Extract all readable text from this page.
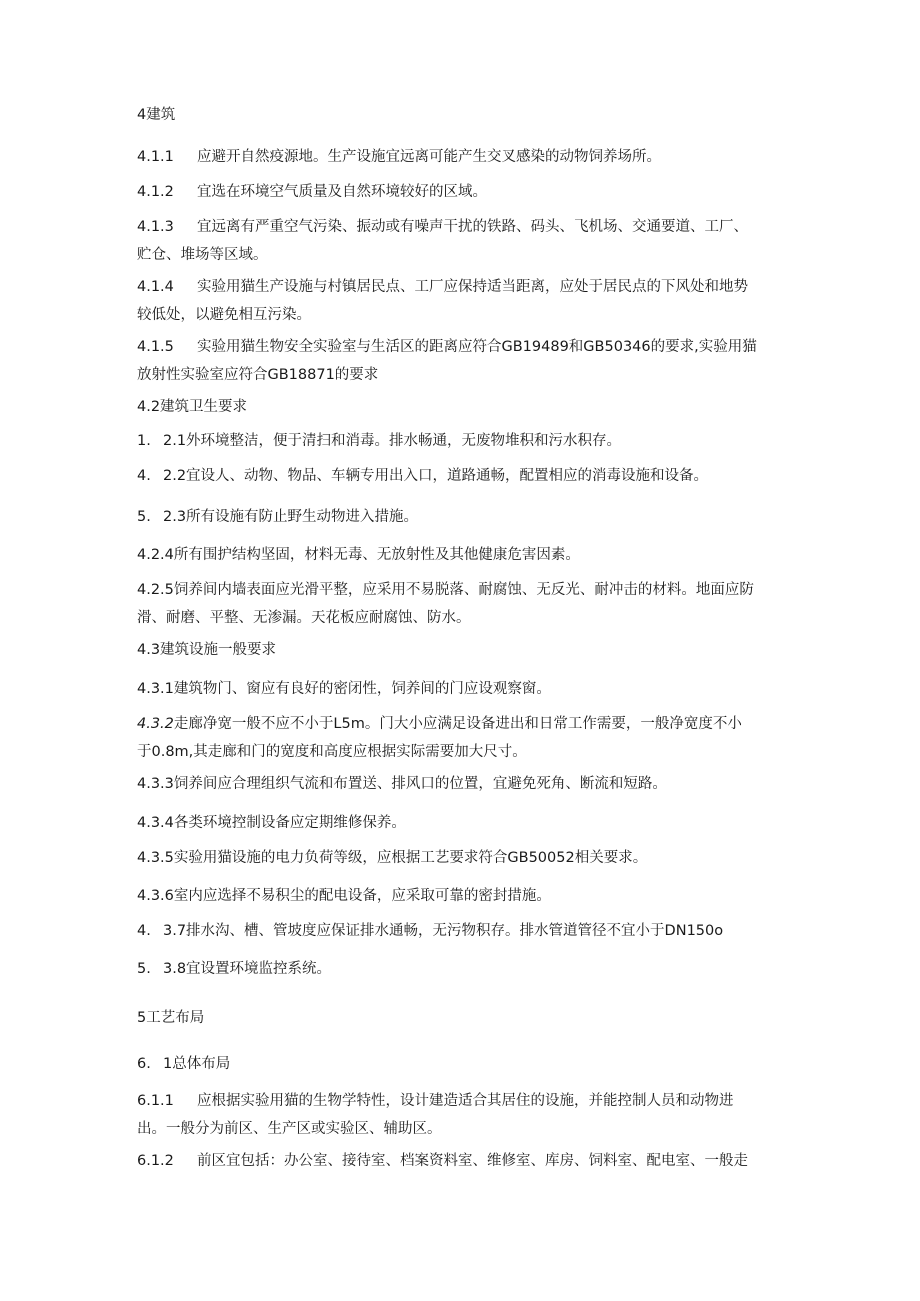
4建筑
4.1.1 应避开自然疫源地。生产设施宜远离可能产生交叉感染的动物饲养场所。
4.1.2 宜选在环境空气质量及自然环境较好的区域。
4.1.3 宜远离有严重空气污染、振动或有噪声干扰的铁路、码头、飞机场、交通要道、工厂、
贮仓、堆场等区域。
4.1.4 实验用猫生产设施与村镇居民点、工厂应保持适当距离，应处于居民点的下风处和地势
较低处，以避免相互污染。
4.1.5 实验用猫生物安全实验室与生活区的距离应符合GB19489和GB50346的要求,实验用猫
放射性实验室应符合GB18871的要求
4.2建筑卫生要求
1. 2.1外环境整洁，便于清扫和消毒。排水畅通，无废物堆积和污水积存。
4. 2.2宜设人、动物、物品、车辆专用出入口，道路通畅，配置相应的消毒设施和设备。
5. 2.3所有设施有防止野生动物进入措施。
4.2.4所有围护结构坚固，材料无毒、无放射性及其他健康危害因素。
4.2.5饲养间内墙表面应光滑平整，应采用不易脱落、耐腐蚀、无反光、耐冲击的材料。地面应防
滑、耐磨、平整、无渗漏。天花板应耐腐蚀、防水。
4.3建筑设施一般要求
4.3.1建筑物门、窗应有良好的密闭性，饲养间的门应设观察窗。
4.3.2走廊净宽一般不应不小于L5m。门大小应满足设备进出和日常工作需要，一般净宽度不小
于0.8m,其走廊和门的宽度和高度应根据实际需要加大尺寸。
4.3.3饲养间应合理组织气流和布置送、排风口的位置，宜避免死角、断流和短路。
4.3.4各类环境控制设备应定期维修保养。
4.3.5实验用猫设施的电力负荷等级，应根据工艺要求符合GB50052相关要求。
4.3.6室内应选择不易积尘的配电设备，应采取可靠的密封措施。
4. 3.7排水沟、槽、管坡度应保证排水通畅，无污物积存。排水管道管径不宜小于DN150o
5. 3.8宜设置环境监控系统。
5工艺布局
6. 1总体布局
6.1.1 应根据实验用猫的生物学特性，设计建造适合其居住的设施，并能控制人员和动物进
出。一般分为前区、生产区或实验区、辅助区。
6.1.2 前区宜包括：办公室、接待室、档案资料室、维修室、库房、饲料室、配电室、一般走
